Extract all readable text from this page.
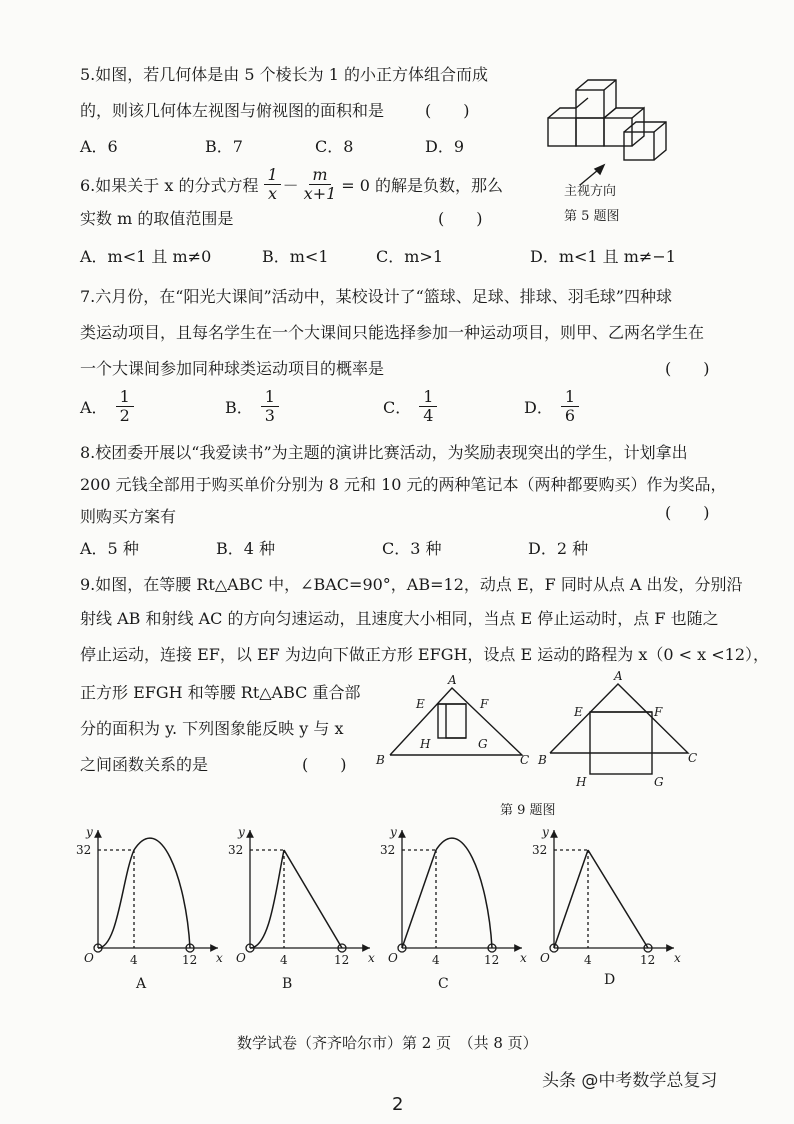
5.如图，若几何体是由 5 个棱长为 1 的小正方体组合而成
的，则该几何体左视图与俯视图的面积和是	(　　)
A．6	B．7	C．8	D．9
主视方向
第 5 题图
6.如果关于 x 的分式方程 $\frac{1}{x} - \frac{m}{x+1} = 0$ 的解是负数，那么
实数 m 的取值范围是	(　　)
A．m<1 且 m≠0	B．m<1	C．m>1	D．m<1 且 m≠−1
7.六月份，在“阳光大课间”活动中，某校设计了“篮球、足球、排球、羽毛球”四种球
类运动项目，且每名学生在一个大课间只能选择参加一种运动项目，则甲、乙两名学生在
一个大课间参加同种球类运动项目的概率是	(　　)
A． $\frac{1}{2}$	B． $\frac{1}{3}$	C． $\frac{1}{4}$	D． $\frac{1}{6}$
8.校团委开展以“我爱读书”为主题的演讲比赛活动，为奖励表现突出的学生，计划拿出
200 元钱全部用于购买单价分别为 8 元和 10 元的两种笔记本（两种都要购买）作为奖品，
则购买方案有	(　　)
A．5 种	B．4 种	C．3 种	D．2 种
9.如图，在等腰 Rt△ABC 中，∠BAC=90°，AB=12，动点 E，F 同时从点 A 出发，分别沿
射线 AB 和射线 AC 的方向匀速运动，且速度大小相同，当点 E 停止运动时，点 F 也随之
停止运动，连接 EF，以 EF 为边向下做正方形 EFGH，设点 E 运动的路程为 x（0 < x <12），
正方形 EFGH 和等腰 Rt△ABC 重合部
分的面积为 y. 下列图象能反映 y 与 x
之间函数关系的是	(　　)
A
B	C
E	F
G
H
A
B	C
E	F
G
H
第 9 题图
y
32
O	4	12 x
A
y
32
O	4	12 x
B
y
32
O	4	12 x
C
y
32
O	4	12 x
D
数学试卷（齐齐哈尔市）第 2 页　（共 8 页）
头条 @中考数学总复习
2
